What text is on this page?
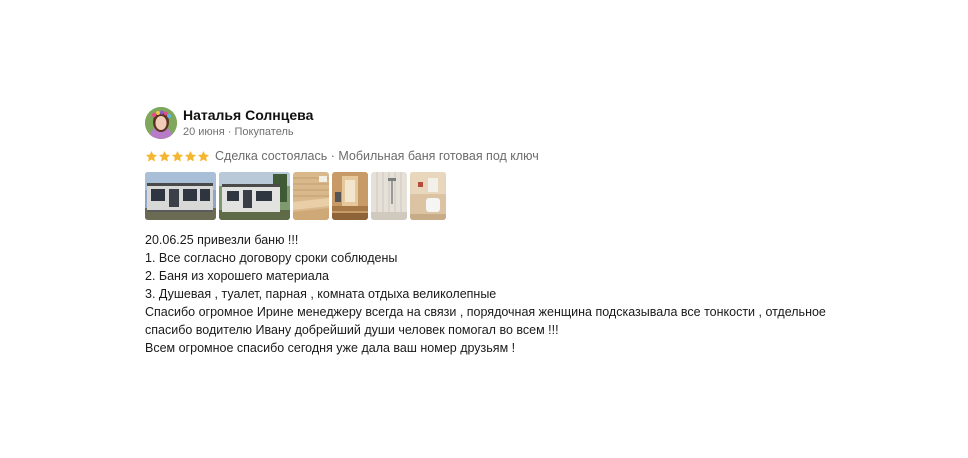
Наталья Солнцева
20 июня · Покупатель
Сделка состоялась · Мобильная баня готовая под ключ

20.06.25 привезли баню !!!

1. Все согласно договору сроки соблюдены

2. Баня из хорошего материала

3. Душевая , туалет, парная , комната отдыха великолепные

Спасибо огромное Ирине менеджеру всегда на связи , порядочная женщина подсказывала все тонкости , отдельное

спасибо водителю Ивану добрейший души человек помогал во всем !!!

Всем огромное спасибо сегодня уже дала ваш номер друзьям !
